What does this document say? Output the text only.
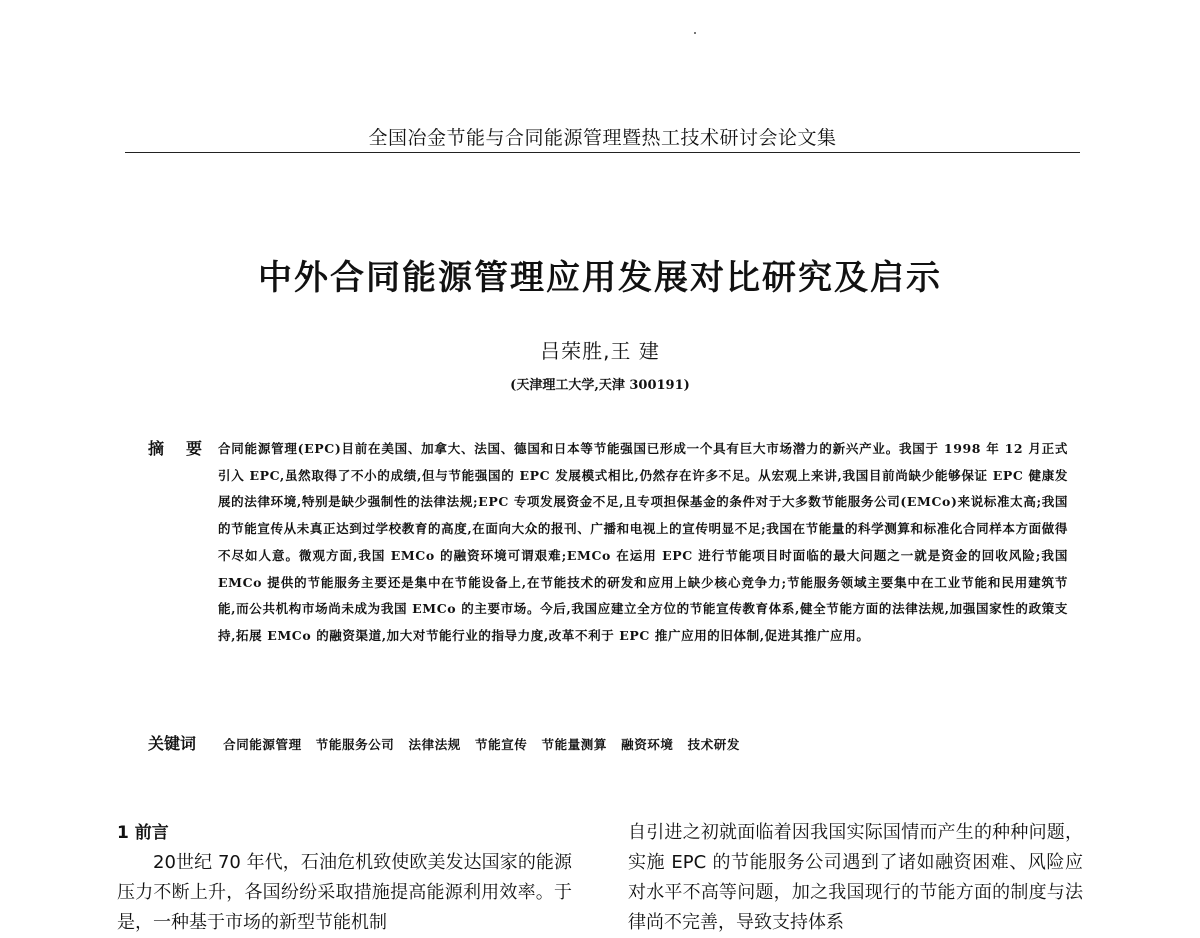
全国冶金节能与合同能源管理暨热工技术研讨会论文集
中外合同能源管理应用发展对比研究及启示
吕荣胜,王 建
(天津理工大学,天津 300191)
摘要
合同能源管理(EPC)目前在美国、加拿大、法国、德国和日本等节能强国已形成一个具有巨大市场潜力的新兴产业。我国于 1998 年 12 月正式引入 EPC,虽然取得了不小的成绩,但与节能强国的 EPC 发展模式相比,仍然存在许多不足。从宏观上来讲,我国目前尚缺少能够保证 EPC 健康发展的法律环境,特别是缺少强制性的法律法规;EPC 专项发展资金不足,且专项担保基金的条件对于大多数节能服务公司(EMCo)来说标准太高;我国的节能宣传从未真正达到过学校教育的高度,在面向大众的报刊、广播和电视上的宣传明显不足;我国在节能量的科学测算和标准化合同样本方面做得不尽如人意。微观方面,我国 EMCo 的融资环境可谓艰难;EMCo 在运用 EPC 进行节能项目时面临的最大问题之一就是资金的回收风险;我国 EMCo 提供的节能服务主要还是集中在节能设备上,在节能技术的研发和应用上缺少核心竞争力;节能服务领域主要集中在工业节能和民用建筑节能,而公共机构市场尚未成为我国 EMCo 的主要市场。今后,我国应建立全方位的节能宣传教育体系,健全节能方面的法律法规,加强国家性的政策支持,拓展 EMCo 的融资渠道,加大对节能行业的指导力度,改革不利于 EPC 推广应用的旧体制,促进其推广应用。
关键词 合同能源管理 节能服务公司 法律法规 节能宣传 节能量测算 融资环境 技术研发
1 前言
20世纪 70 年代，石油危机致使欧美发达国家的能源压力不断上升，各国纷纷采取措施提高能源利用效率。于是，一种基于市场的新型节能机制
自引进之初就面临着因我国实际国情而产生的种种问题，实施 EPC 的节能服务公司遇到了诸如融资困难、风险应对水平不高等问题，加之我国现行的节能方面的制度与法律尚不完善，导致支持体系
